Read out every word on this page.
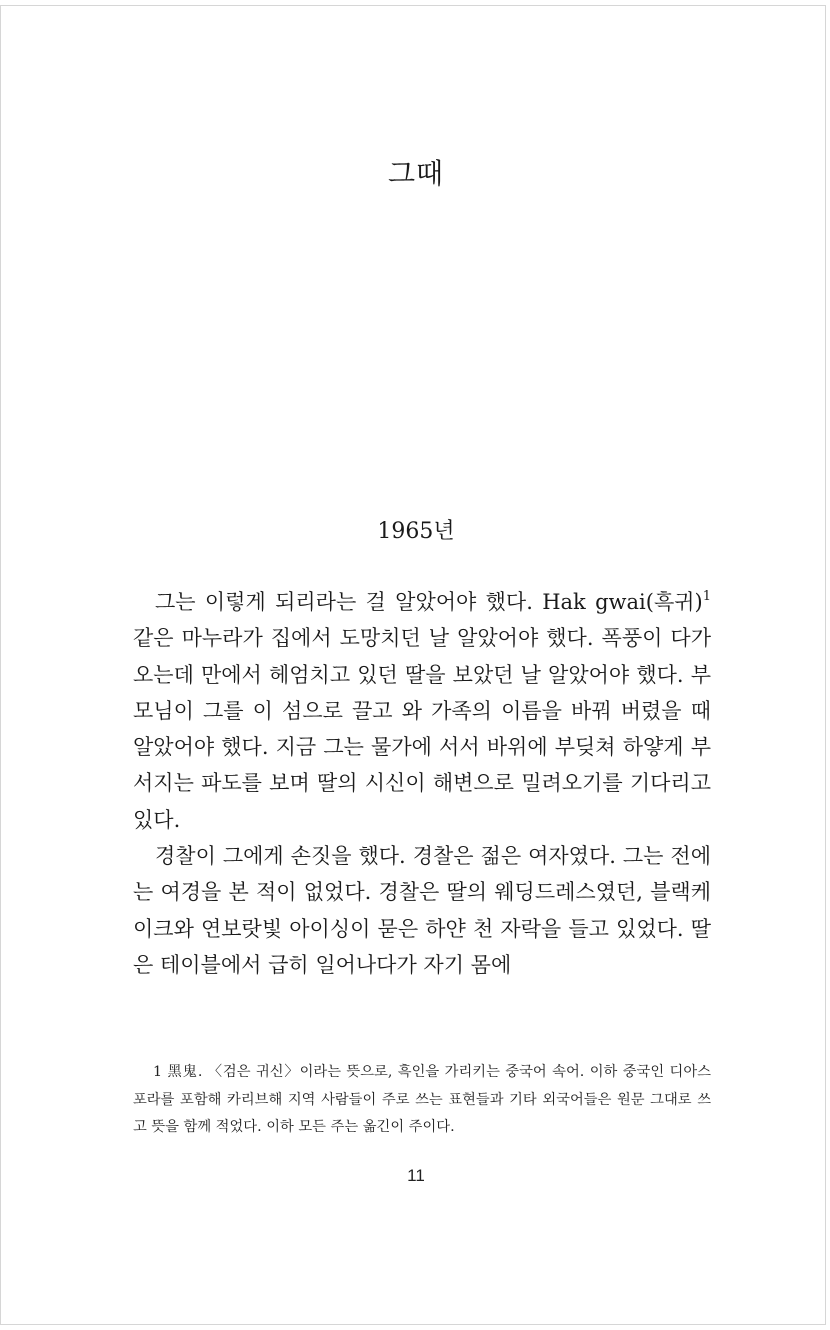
그때
1965년

그는 이렇게 되리라는 걸 알았어야 했다. Hak gwai(흑귀)$^1$ 같은 마누라가 집에서 도망치던 날 알았어야 했다. 폭풍이 다가오는데 만에서 헤엄치고 있던 딸을 보았던 날 알았어야 했다. 부모님이 그를 이 섬으로 끌고 와 가족의 이름을 바꿔 버렸을 때 알았어야 했다. 지금 그는 물가에 서서 바위에 부딪쳐 하얗게 부서지는 파도를 보며 딸의 시신이 해변으로 밀려오기를 기다리고 있다.

경찰이 그에게 손짓을 했다. 경찰은 젊은 여자였다. 그는 전에는 여경을 본 적이 없었다. 경찰은 딸의 웨딩드레스였던, 블랙케이크와 연보랏빛 아이싱이 묻은 하얀 천 자락을 들고 있었다. 딸은 테이블에서 급히 일어나다가 자기 몸에

1 黑鬼. 〈검은 귀신〉이라는 뜻으로, 흑인을 가리키는 중국어 속어. 이하 중국인 디아스포라를 포함해 카리브해 지역 사람들이 주로 쓰는 표현들과 기타 외국어들은 원문 그대로 쓰고 뜻을 함께 적었다. 이하 모든 주는 옮긴이 주이다.

11
